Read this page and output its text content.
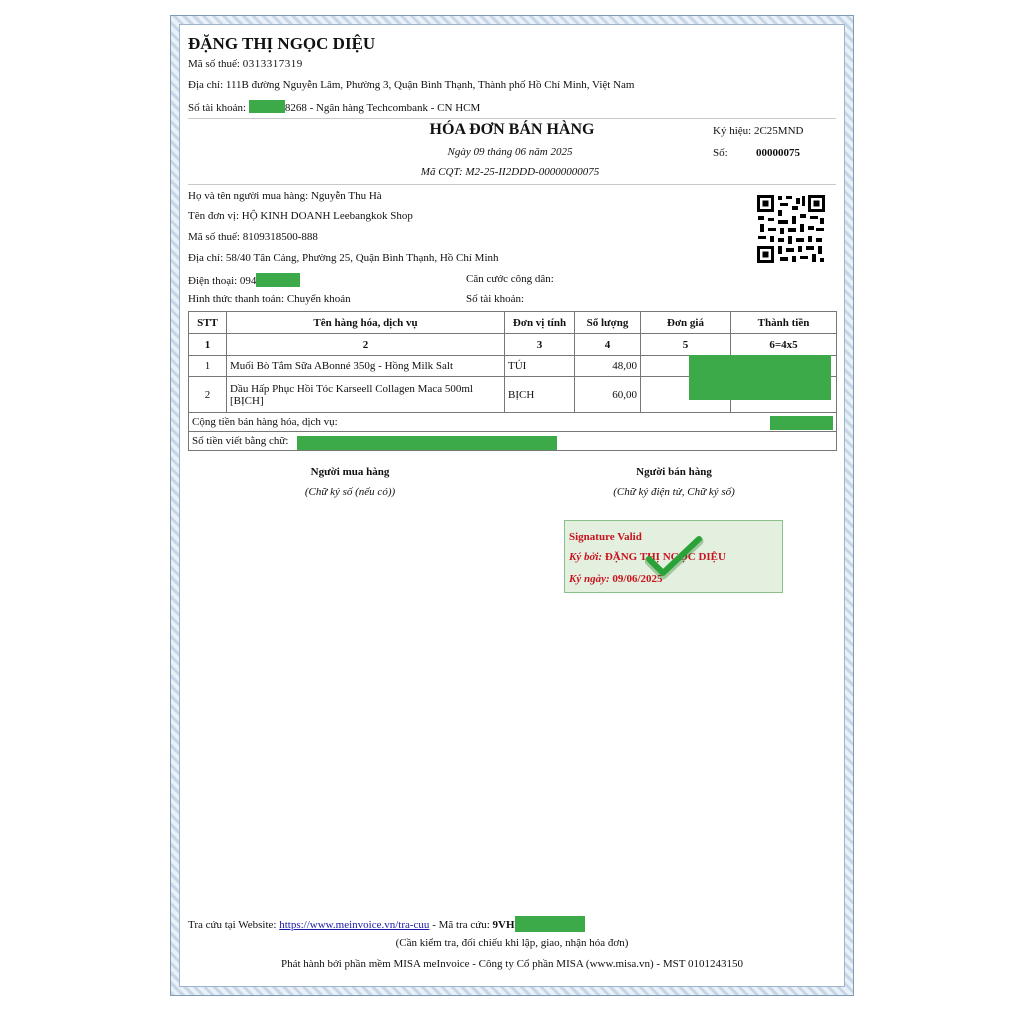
ĐẶNG THỊ NGỌC DIỆU
Mã số thuế: 0313317319
Địa chỉ: 111B đường Nguyễn Lâm, Phường 3, Quận Bình Thạnh, Thành phố Hồ Chí Minh, Việt Nam
Số tài khoản:	8268 - Ngân hàng Techcombank - CN HCM
HÓA ĐƠN BÁN HÀNG
Ngày 09 tháng 06 năm 2025
Mã CQT: M2-25-II2DDD-00000000075
Ký hiệu: 2C25MND
Số:	00000075
Họ và tên người mua hàng: Nguyễn Thu Hà
Tên đơn vị: HỘ KINH DOANH Leebangkok Shop
Mã số thuế: 8109318500-888
Địa chỉ: 58/40 Tân Cảng, Phường 25, Quận Bình Thạnh, Hồ Chí Minh
Điện thoại: 094	Căn cước công dân:
Hình thức thanh toán: Chuyển khoản	Số tài khoản:
STT	Tên hàng hóa, dịch vụ	Đơn vị tính	Số lượng	Đơn giá	Thành tiền
1	2	3	4	5	6=4x5
1	Muối Bò Tắm Sữa ABonné 350g - Hồng Milk Salt	TÚI	48,00		
2	Dầu Hấp Phục Hồi Tóc Karseell Collagen Maca 500ml [BỊCH]	BỊCH	60,00		
Cộng tiền bán hàng hóa, dịch vụ:					
Số tiền viết bằng chữ:					
Người mua hàng
(Chữ ký số (nếu có))
Người bán hàng
(Chữ ký điện tử, Chữ ký số)
Signature Valid
Ký bởi: ĐẶNG THỊ NGỌC DIỆU
Ký ngày: 09/06/2025
Tra cứu tại Website: https://www.meinvoice.vn/tra-cuu - Mã tra cứu: 9VH
(Cần kiểm tra, đối chiếu khi lập, giao, nhận hóa đơn)
Phát hành bởi phần mềm MISA meInvoice - Công ty Cổ phần MISA (www.misa.vn) - MST 0101243150
